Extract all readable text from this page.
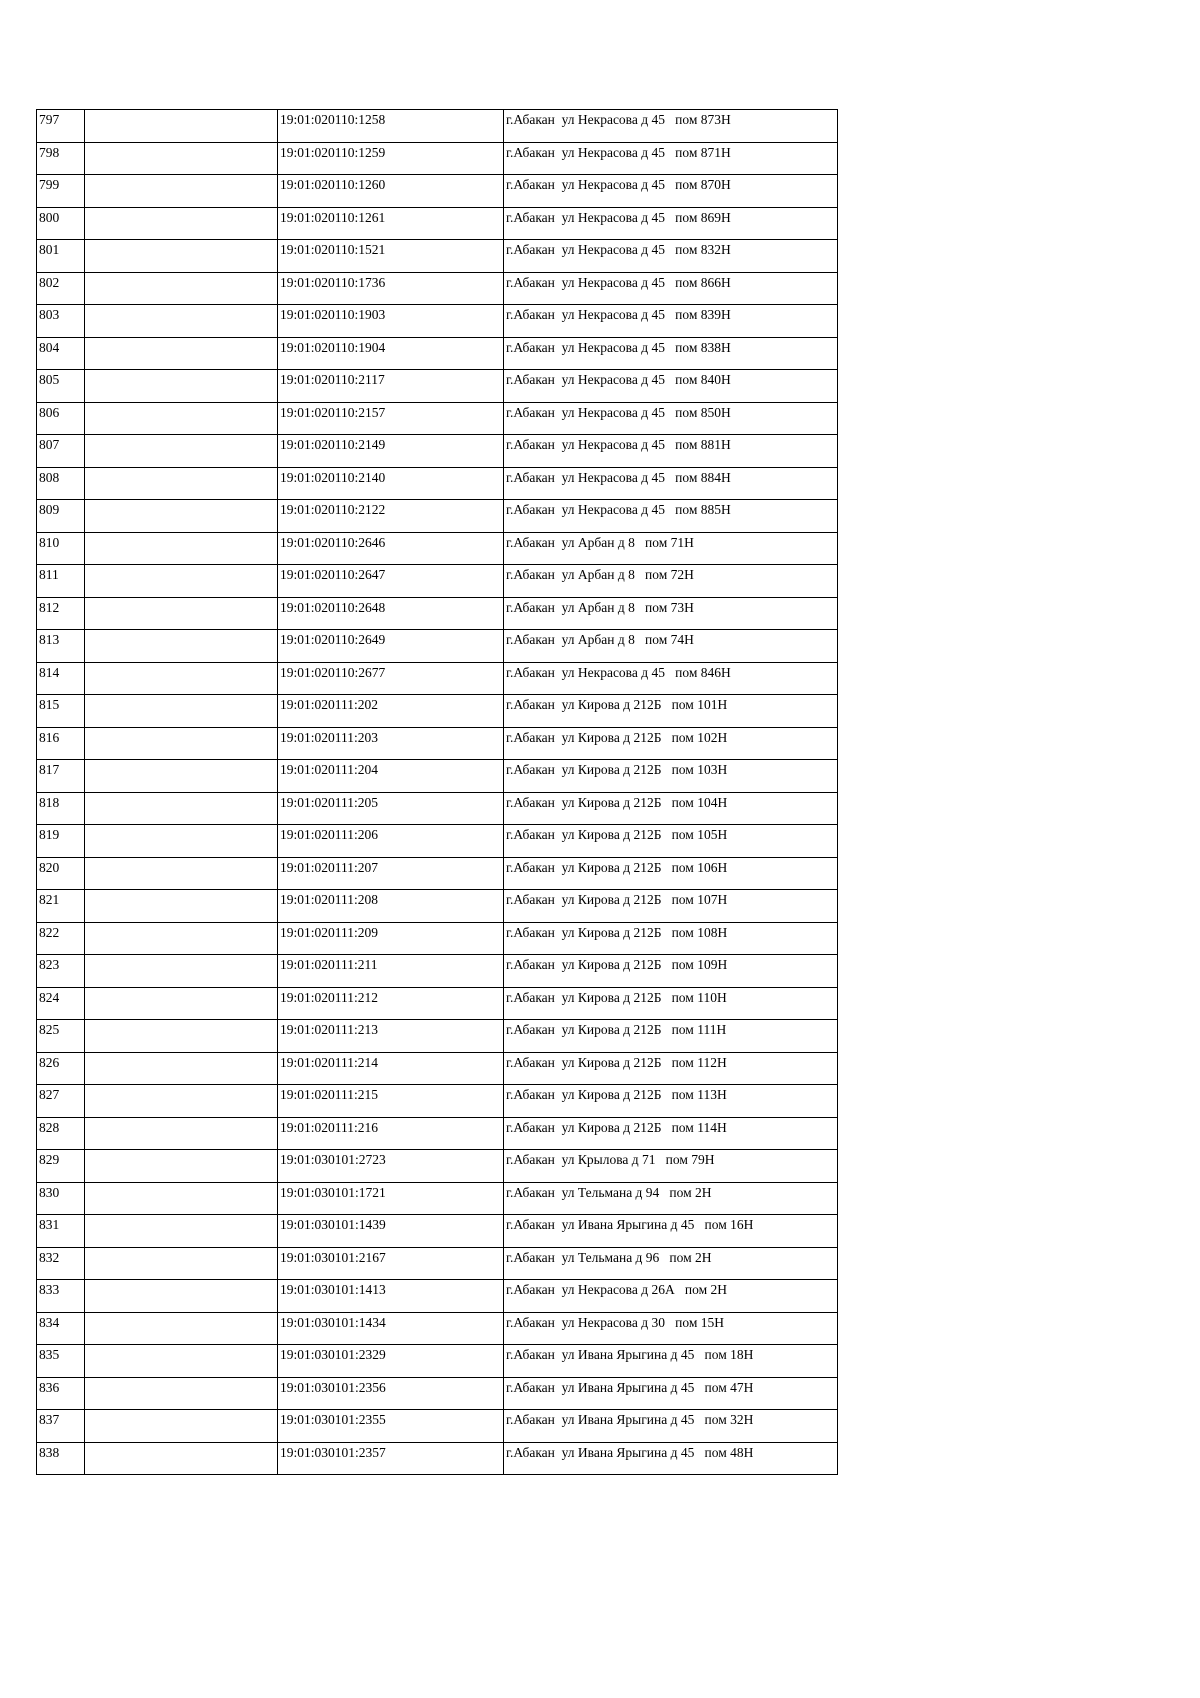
797		19:01:020110:1258	г.Абакан  ул Некрасова д 45   пом 873Н
798		19:01:020110:1259	г.Абакан  ул Некрасова д 45   пом 871Н
799		19:01:020110:1260	г.Абакан  ул Некрасова д 45   пом 870Н
800		19:01:020110:1261	г.Абакан  ул Некрасова д 45   пом 869Н
801		19:01:020110:1521	г.Абакан  ул Некрасова д 45   пом 832Н
802		19:01:020110:1736	г.Абакан  ул Некрасова д 45   пом 866Н
803		19:01:020110:1903	г.Абакан  ул Некрасова д 45   пом 839Н
804		19:01:020110:1904	г.Абакан  ул Некрасова д 45   пом 838Н
805		19:01:020110:2117	г.Абакан  ул Некрасова д 45   пом 840Н
806		19:01:020110:2157	г.Абакан  ул Некрасова д 45   пом 850Н
807		19:01:020110:2149	г.Абакан  ул Некрасова д 45   пом 881Н
808		19:01:020110:2140	г.Абакан  ул Некрасова д 45   пом 884Н
809		19:01:020110:2122	г.Абакан  ул Некрасова д 45   пом 885Н
810		19:01:020110:2646	г.Абакан  ул Арбан д 8   пом 71Н
811		19:01:020110:2647	г.Абакан  ул Арбан д 8   пом 72Н
812		19:01:020110:2648	г.Абакан  ул Арбан д 8   пом 73Н
813		19:01:020110:2649	г.Абакан  ул Арбан д 8   пом 74Н
814		19:01:020110:2677	г.Абакан  ул Некрасова д 45   пом 846Н
815		19:01:020111:202	г.Абакан  ул Кирова д 212Б   пом 101Н
816		19:01:020111:203	г.Абакан  ул Кирова д 212Б   пом 102Н
817		19:01:020111:204	г.Абакан  ул Кирова д 212Б   пом 103Н
818		19:01:020111:205	г.Абакан  ул Кирова д 212Б   пом 104Н
819		19:01:020111:206	г.Абакан  ул Кирова д 212Б   пом 105Н
820		19:01:020111:207	г.Абакан  ул Кирова д 212Б   пом 106Н
821		19:01:020111:208	г.Абакан  ул Кирова д 212Б   пом 107Н
822		19:01:020111:209	г.Абакан  ул Кирова д 212Б   пом 108Н
823		19:01:020111:211	г.Абакан  ул Кирова д 212Б   пом 109Н
824		19:01:020111:212	г.Абакан  ул Кирова д 212Б   пом 110Н
825		19:01:020111:213	г.Абакан  ул Кирова д 212Б   пом 111Н
826		19:01:020111:214	г.Абакан  ул Кирова д 212Б   пом 112Н
827		19:01:020111:215	г.Абакан  ул Кирова д 212Б   пом 113Н
828		19:01:020111:216	г.Абакан  ул Кирова д 212Б   пом 114Н
829		19:01:030101:2723	г.Абакан  ул Крылова д 71   пом 79Н
830		19:01:030101:1721	г.Абакан  ул Тельмана д 94   пом 2Н
831		19:01:030101:1439	г.Абакан  ул Ивана Ярыгина д 45   пом 16Н
832		19:01:030101:2167	г.Абакан  ул Тельмана д 96   пом 2Н
833		19:01:030101:1413	г.Абакан  ул Некрасова д 26А   пом 2Н
834		19:01:030101:1434	г.Абакан  ул Некрасова д 30   пом 15Н
835		19:01:030101:2329	г.Абакан  ул Ивана Ярыгина д 45   пом 18Н
836		19:01:030101:2356	г.Абакан  ул Ивана Ярыгина д 45   пом 47Н
837		19:01:030101:2355	г.Абакан  ул Ивана Ярыгина д 45   пом 32Н
838		19:01:030101:2357	г.Абакан  ул Ивана Ярыгина д 45   пом 48Н
